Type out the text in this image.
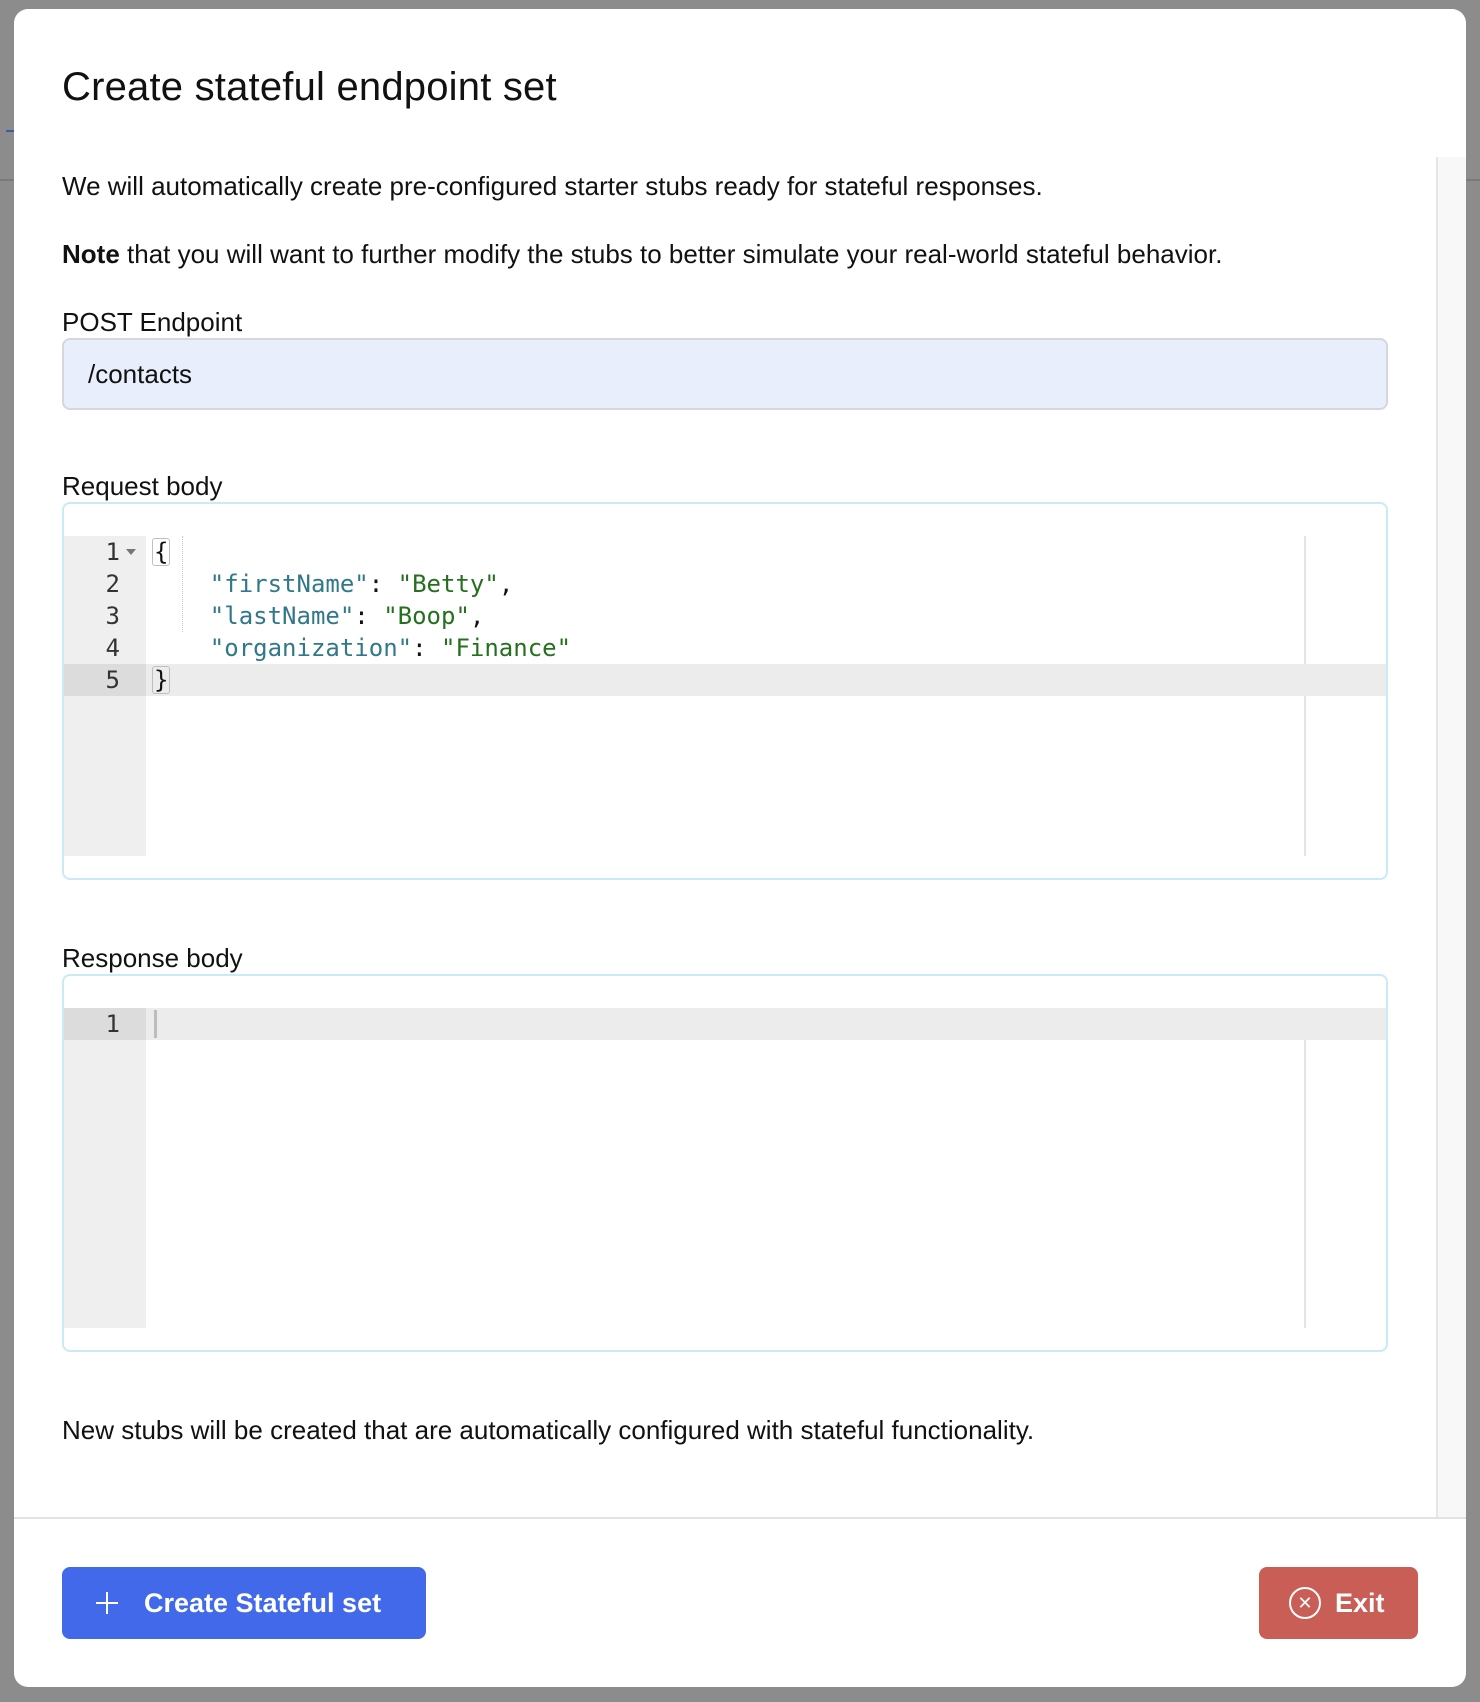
Create stateful endpoint set

We will automatically create pre-configured starter stubs ready for stateful responses.

Note that you will want to further modify the stubs to better simulate your real-world stateful behavior.

POST Endpoint
/contacts
Request body
1	{
2	"firstName": "Betty",
3	"lastName": "Boop",
4	"organization": "Finance"
5	}
Response body
1

New stubs will be created that are automatically configured with stateful functionality.

Create Stateful set	✕ Exit
